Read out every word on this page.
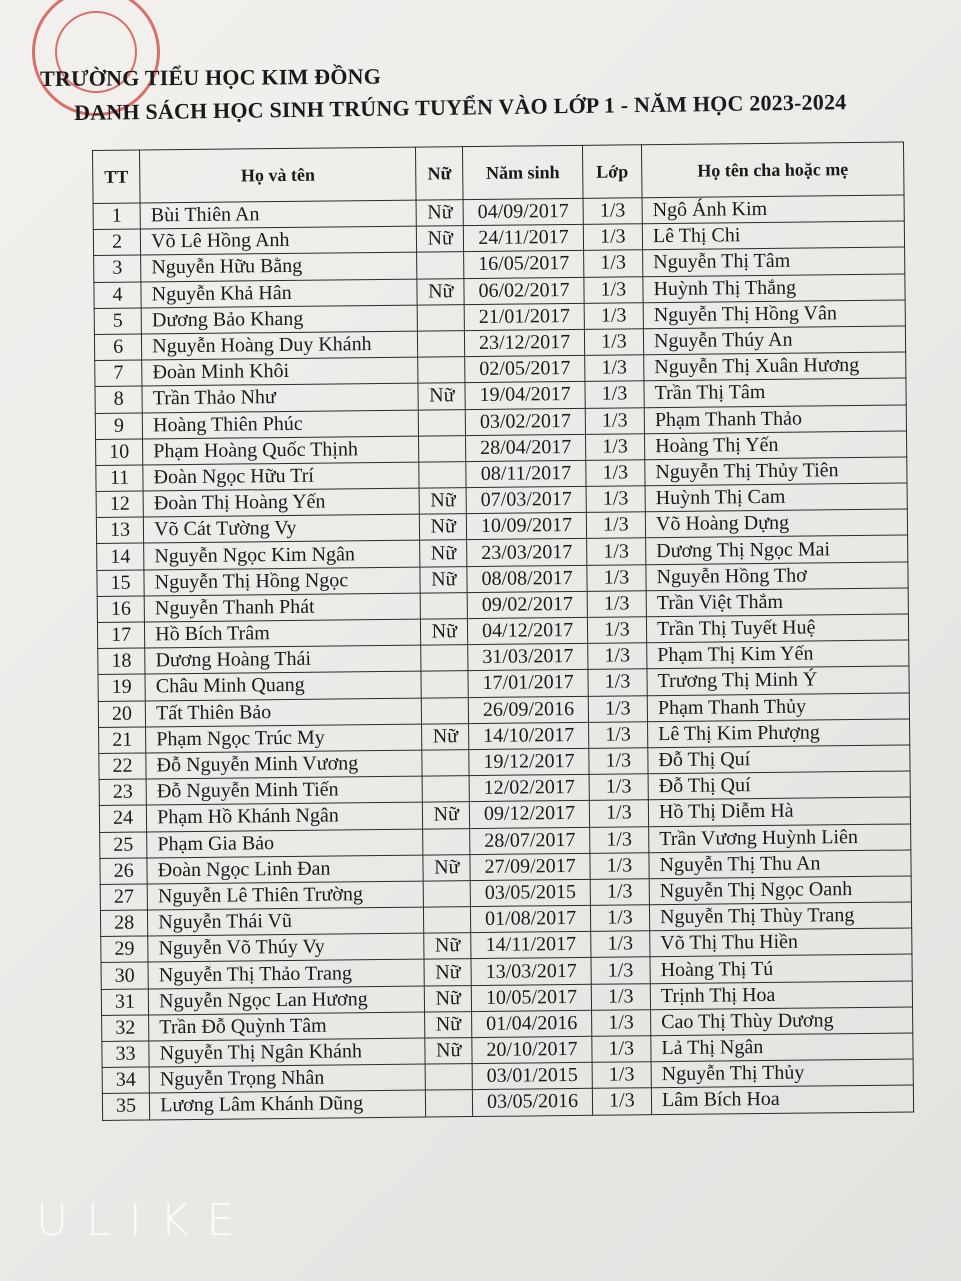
TRƯỜNG TIỂU HỌC KIM ĐỒNG
DANH SÁCH HỌC SINH TRÚNG TUYỂN VÀO LỚP 1 - NĂM HỌC 2023-2024
TT	Họ và tên	Nữ	Năm sinh	Lớp	Họ tên cha hoặc mẹ
1	Bùi Thiên An	Nữ	04/09/2017	1/3	Ngô Ánh Kim
2	Võ Lê Hồng Anh	Nữ	24/11/2017	1/3	Lê Thị Chi
3	Nguyễn Hữu Bằng		16/05/2017	1/3	Nguyễn Thị Tâm
4	Nguyễn Khả Hân	Nữ	06/02/2017	1/3	Huỳnh Thị Thắng
5	Dương Bảo Khang		21/01/2017	1/3	Nguyễn Thị Hồng Vân
6	Nguyễn Hoàng Duy Khánh		23/12/2017	1/3	Nguyễn Thúy An
7	Đoàn Minh Khôi		02/05/2017	1/3	Nguyễn Thị Xuân Hương
8	Trần Thảo Như	Nữ	19/04/2017	1/3	Trần Thị Tâm
9	Hoàng Thiên Phúc		03/02/2017	1/3	Phạm Thanh Thảo
10	Phạm Hoàng Quốc Thịnh		28/04/2017	1/3	Hoàng Thị Yến
11	Đoàn Ngọc Hữu Trí		08/11/2017	1/3	Nguyễn Thị Thủy Tiên
12	Đoàn Thị Hoàng Yến	Nữ	07/03/2017	1/3	Huỳnh Thị Cam
13	Võ Cát Tường Vy	Nữ	10/09/2017	1/3	Võ Hoàng Dựng
14	Nguyễn Ngọc Kim Ngân	Nữ	23/03/2017	1/3	Dương Thị Ngọc Mai
15	Nguyễn Thị Hồng Ngọc	Nữ	08/08/2017	1/3	Nguyễn Hồng Thơ
16	Nguyễn Thanh Phát		09/02/2017	1/3	Trần Việt Thắm
17	Hồ Bích Trâm	Nữ	04/12/2017	1/3	Trần Thị Tuyết Huệ
18	Dương Hoàng Thái		31/03/2017	1/3	Phạm Thị Kim Yến
19	Châu Minh Quang		17/01/2017	1/3	Trương Thị Minh Ý
20	Tất Thiên Bảo		26/09/2016	1/3	Phạm Thanh Thủy
21	Phạm Ngọc Trúc My	Nữ	14/10/2017	1/3	Lê Thị Kim Phượng
22	Đỗ Nguyễn Minh Vương		19/12/2017	1/3	Đỗ Thị Quí
23	Đỗ Nguyễn Minh Tiến		12/02/2017	1/3	Đỗ Thị Quí
24	Phạm Hồ Khánh Ngân	Nữ	09/12/2017	1/3	Hồ Thị Diễm Hà
25	Phạm Gia Bảo		28/07/2017	1/3	Trần Vương Huỳnh Liên
26	Đoàn Ngọc Linh Đan	Nữ	27/09/2017	1/3	Nguyễn Thị Thu An
27	Nguyễn Lê Thiên Trường		03/05/2015	1/3	Nguyễn Thị Ngọc Oanh
28	Nguyễn Thái Vũ		01/08/2017	1/3	Nguyễn Thị Thùy Trang
29	Nguyễn Võ Thúy Vy	Nữ	14/11/2017	1/3	Võ Thị Thu Hiền
30	Nguyễn Thị Thảo Trang	Nữ	13/03/2017	1/3	Hoàng Thị Tú
31	Nguyễn Ngọc Lan Hương	Nữ	10/05/2017	1/3	Trịnh Thị Hoa
32	Trần Đỗ Quỳnh Tâm	Nữ	01/04/2016	1/3	Cao Thị Thùy Dương
33	Nguyễn Thị Ngân Khánh	Nữ	20/10/2017	1/3	Lả Thị Ngân
34	Nguyễn Trọng Nhân		03/01/2015	1/3	Nguyễn Thị Thủy
35	Lương Lâm Khánh Dũng		03/05/2016	1/3	Lâm Bích Hoa
ULIKE
